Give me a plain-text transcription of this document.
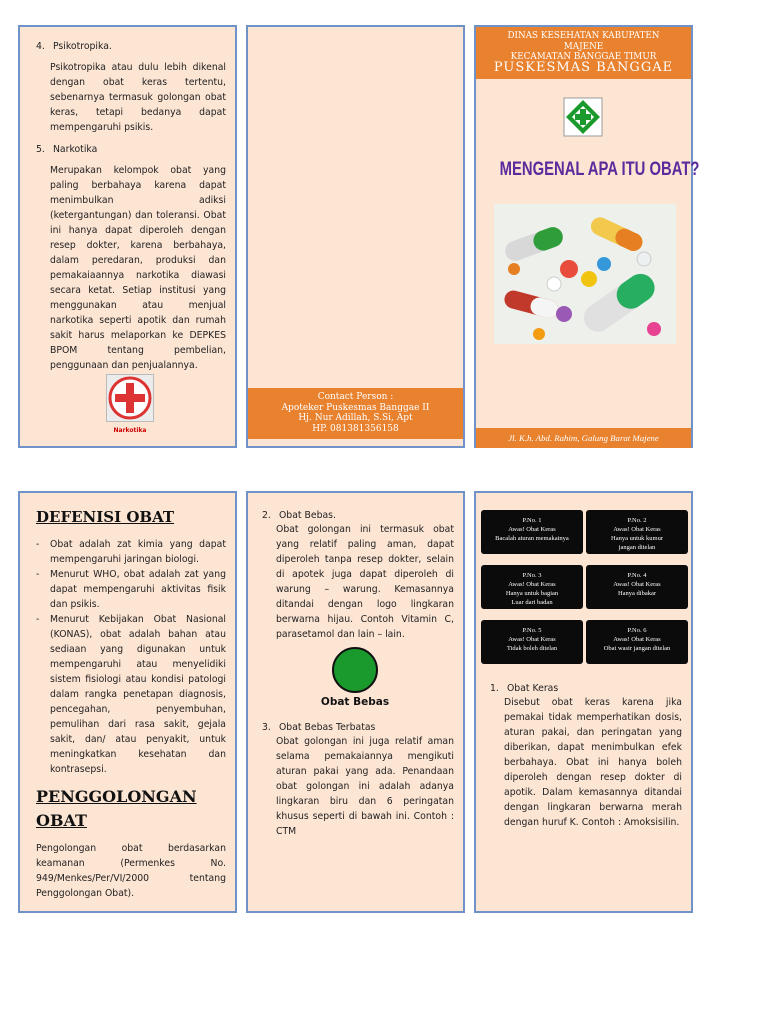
4. Psikotropika.

Psikotropika atau dulu lebih dikenal dengan obat keras tertentu, sebenarnya termasuk golongan obat keras, tetapi bedanya dapat mempengaruhi psikis.

5. Narkotika

Merupakan kelompok obat yang paling berbahaya karena dapat menimbulkan adiksi (ketergantungan) dan toleransi. Obat ini hanya dapat diperoleh dengan resep dokter, karena berbahaya, dalam peredaran, produksi dan pemakaiaannya narkotika diawasi secara ketat. Setiap institusi yang menggunakan atau menjual narkotika seperti apotik dan rumah sakit harus melaporkan ke DEPKES BPOM tentang pembelian, penggunaan dan penjualannya.

Narkotika
Contact Person :
Apoteker Puskesmas Banggae II
Hj. Nur Adillah, S.Si, Apt
HP. 081381356158
DINAS KESEHATAN KABUPATEN
MAJENE
KECAMATAN BANGGAE TIMUR
PUSKESMAS BANGGAE
MENGENAL APA ITU OBAT?
Jl. K.h. Abd. Rahim, Galung Barat Majene
DEFENISI OBAT
- Obat adalah zat kimia yang dapat mempengaruhi jaringan biologi.
- Menurut WHO, obat adalah zat yang dapat mempengaruhi aktivitas fisik dan psikis.
- Menurut Kebijakan Obat Nasional (KONAS), obat adalah bahan atau sediaan yang digunakan untuk mempengaruhi atau menyelidiki sistem fisiologi atau kondisi patologi dalam rangka penetapan diagnosis, pencegahan, penyembuhan, pemulihan dari rasa sakit, gejala sakit, dan/ atau penyakit, untuk meningkatkan kesehatan dan kontrasepsi.
PENGGOLONGAN
OBAT

Pengolongan obat berdasarkan keamanan (Permenkes No. 949/Menkes/Per/VI/2000 tentang Penggolongan Obat).

2. Obat Bebas.

Obat golongan ini termasuk obat yang relatif paling aman, dapat diperoleh tanpa resep dokter, selain di apotek juga dapat diperoleh di warung – warung. Kemasannya ditandai dengan logo lingkaran berwarna hijau. Contoh Vitamin C, parasetamol dan lain – lain.

Obat Bebas
3. Obat Bebas Terbatas

Obat golongan ini juga relatif aman selama pemakaiannya mengikuti aturan pakai yang ada. Penandaan obat golongan ini adalah adanya lingkaran biru dan 6 peringatan khusus seperti di bawah ini. Contoh : CTM

P.No. 1
Awas! Obat Keras
Bacalah aturan memakainya
P.No. 2
Awas! Obat Keras
Hanya untuk kumur
jangan ditelan
P.No. 3
Awas! Obat Keras
Hanya untuk bagian
Luar dari badan
P.No. 4
Awas! Obat Keras
Hanya dibakar
P.No. 5
Awas! Obat Keras
Tidak boleh ditelan
P.No. 6
Awas! Obat Keras
Obat wasir jangan ditelan
1. Obat Keras

Disebut obat keras karena jika pemakai tidak memperhatikan dosis, aturan pakai, dan peringatan yang diberikan, dapat menimbulkan efek berbahaya. Obat ini hanya boleh diperoleh dengan resep dokter di apotik. Dalam kemasannya ditandai dengan lingkaran berwarna merah dengan huruf K. Contoh : Amoksisilin.
